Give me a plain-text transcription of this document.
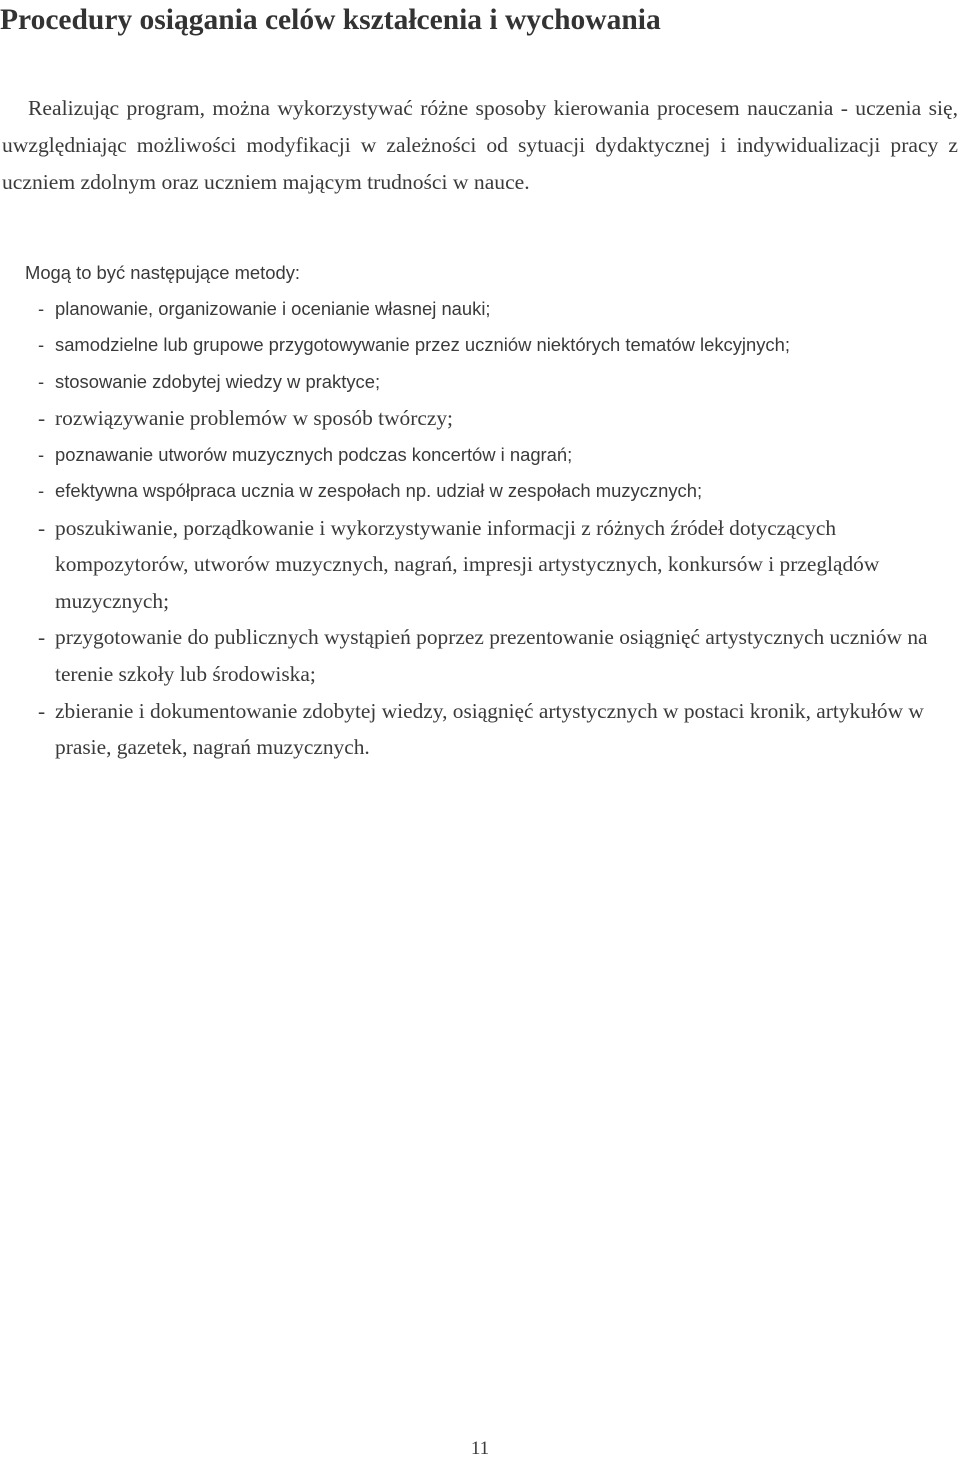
Procedury osiągania celów kształcenia i wychowania

Realizując program, można wykorzystywać różne sposoby kierowania procesem nauczania - uczenia się, uwzględniając możliwości modyfikacji w zależności od sytuacji dydaktycznej i indywidualizacji pracy z uczniem zdolnym oraz uczniem mającym trudności w nauce.

Mogą to być następujące metody:

- planowanie, organizowanie i ocenianie własnej nauki;
- samodzielne lub grupowe przygotowywanie przez uczniów niektórych tematów lekcyjnych;
- stosowanie zdobytej wiedzy w praktyce;
- rozwiązywanie problemów w sposób twórczy;
- poznawanie utworów muzycznych podczas koncertów i nagrań;
- efektywna współpraca ucznia w zespołach np. udział w zespołach muzycznych;
- poszukiwanie, porządkowanie i wykorzystywanie informacji z różnych źródeł dotyczących kompozytorów, utworów muzycznych, nagrań, impresji artystycznych, konkursów i przeglądów muzycznych;
- przygotowanie do publicznych wystąpień poprzez prezentowanie osiągnięć artystycznych uczniów na terenie szkoły lub środowiska;
- zbieranie i dokumentowanie zdobytej wiedzy, osiągnięć artystycznych w postaci kronik, artykułów w prasie, gazetek, nagrań muzycznych.
11
